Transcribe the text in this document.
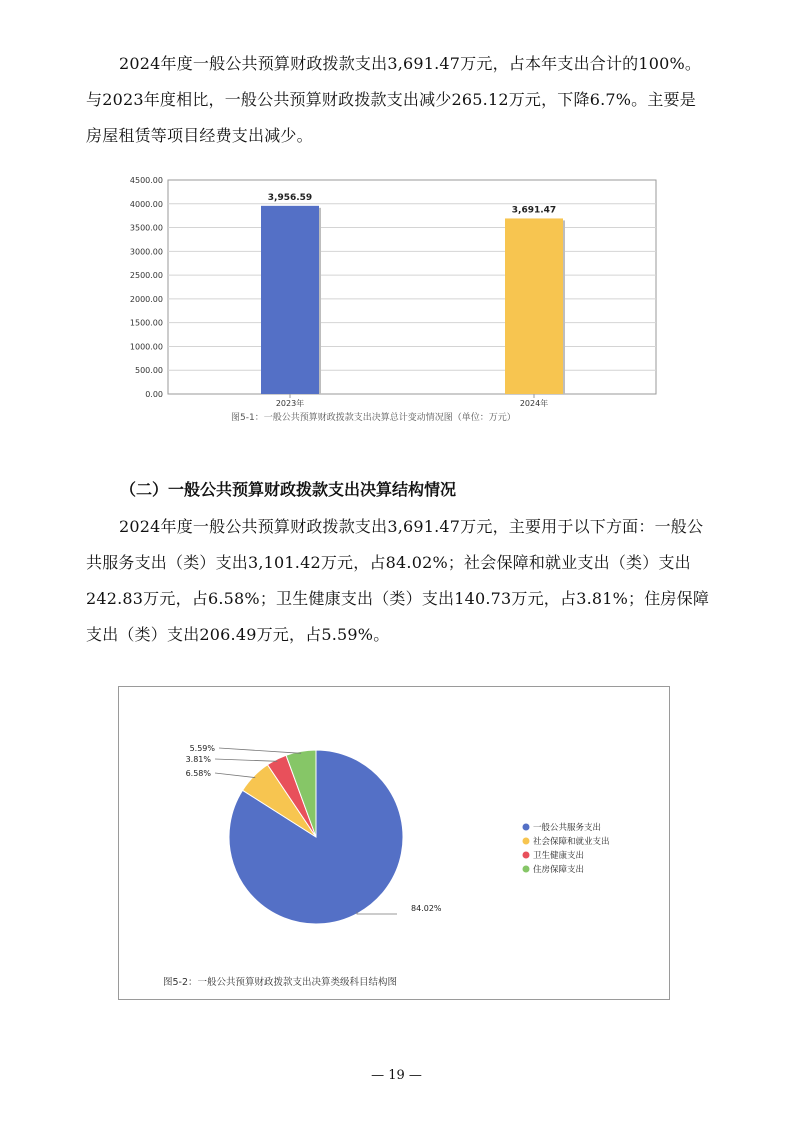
2024年度一般公共预算财政拨款支出3,691.47万元，占本年支出合计的100%。与2023年度相比，一般公共预算财政拨款支出减少265.12万元，下降6.7%。主要是房屋租赁等项目经费支出减少。

0.00
500.00
1000.00
1500.00
2000.00
2500.00
3000.00
3500.00
4000.00
4500.00
3,956.59
2023年
3,691.47
2024年
图5-1：一般公共预算财政拨款支出决算总计变动情况图（单位：万元）

（二）一般公共预算财政拨款支出决算结构情况

2024年度一般公共预算财政拨款支出3,691.47万元，主要用于以下方面：一般公共服务支出（类）支出3,101.42万元，占84.02%；社会保障和就业支出（类）支出242.83万元，占6.58%；卫生健康支出（类）支出140.73万元，占3.81%；住房保障支出（类）支出206.49万元，占5.59%。

84.02%
6.58%
3.81%
5.59%
一般公共服务支出
社会保障和就业支出
卫生健康支出
住房保障支出
图5-2：一般公共预算财政拨款支出决算类级科目结构图
— 19 —
